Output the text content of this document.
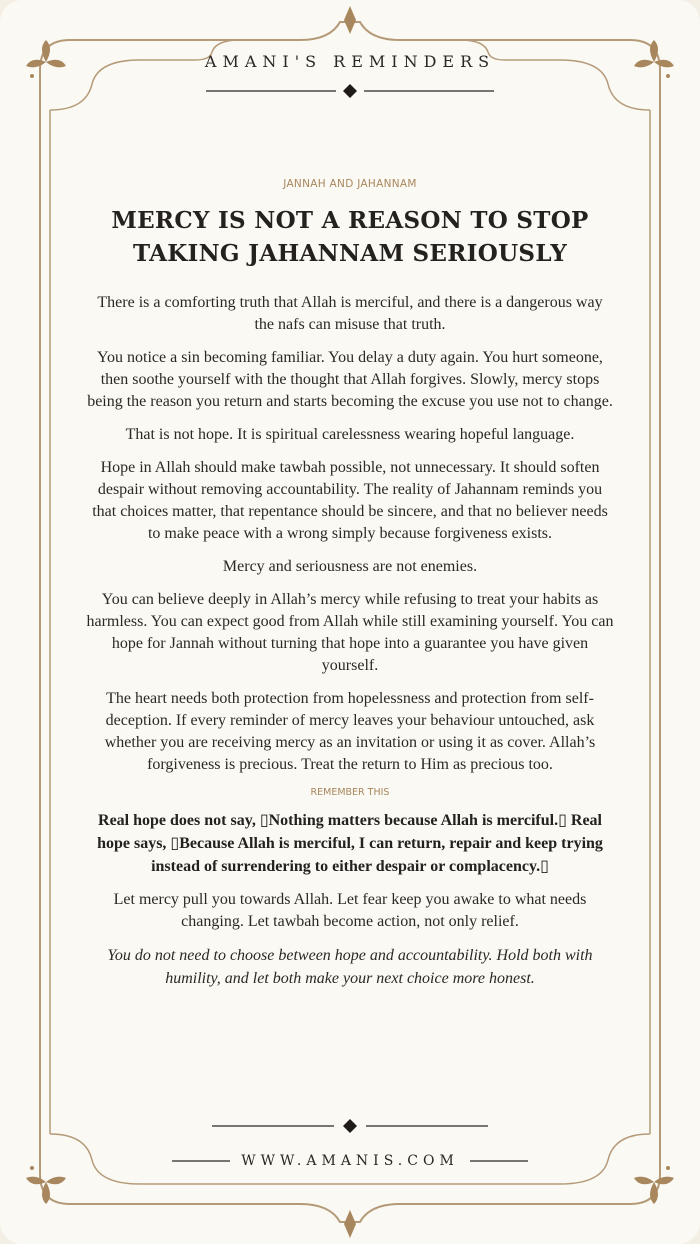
AMANI'S REMINDERS
JANNAH AND JAHANNAM
MERCY IS NOT A REASON TO STOP TAKING JAHANNAM SERIOUSLY

There is a comforting truth that Allah is merciful, and there is a dangerous way the nafs can misuse that truth.

You notice a sin becoming familiar. You delay a duty again. You hurt someone, then soothe yourself with the thought that Allah forgives. Slowly, mercy stops being the reason you return and starts becoming the excuse you use not to change.

That is not hope. It is spiritual carelessness wearing hopeful language.

Hope in Allah should make tawbah possible, not unnecessary. It should soften despair without removing accountability. The reality of Jahannam reminds you that choices matter, that repentance should be sincere, and that no believer needs to make peace with a wrong simply because forgiveness exists.

Mercy and seriousness are not enemies.

You can believe deeply in Allah’s mercy while refusing to treat your habits as harmless. You can expect good from Allah while still examining yourself. You can hope for Jannah without turning that hope into a guarantee you have given yourself.

The heart needs both protection from hopelessness and protection from self-deception. If every reminder of mercy leaves your behaviour untouched, ask whether you are receiving mercy as an invitation or using it as cover. Allah’s forgiveness is precious. Treat the return to Him as precious too.

REMEMBER THIS

Real hope does not say, ▯Nothing matters because Allah is merciful.▯ Real hope says, ▯Because Allah is merciful, I can return, repair and keep trying instead of surrendering to either despair or complacency.▯

Let mercy pull you towards Allah. Let fear keep you awake to what needs changing. Let tawbah become action, not only relief.

You do not need to choose between hope and accountability. Hold both with humility, and let both make your next choice more honest.

WWW.AMANIS.COM
